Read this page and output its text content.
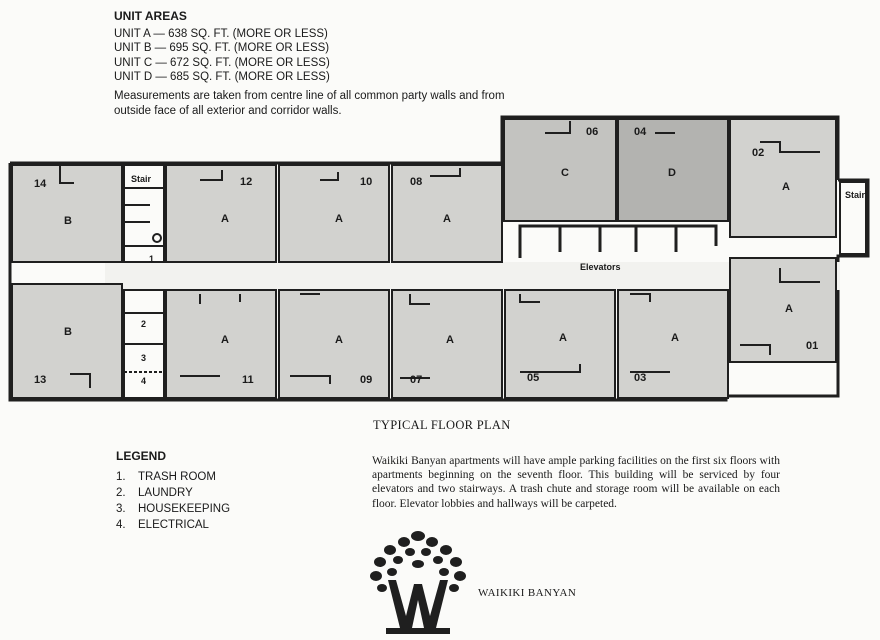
UNIT AREAS
UNIT A — 638 SQ. FT. (MORE OR LESS)
UNIT B — 695 SQ. FT. (MORE OR LESS)
UNIT C — 672 SQ. FT. (MORE OR LESS)
UNIT D — 685 SQ. FT. (MORE OR LESS)
Measurements are taken from centre line of all common party walls and from outside face of all exterior and corridor walls.
14	12	10	08
06	04
02
13	11	09	07	05	03
01
B	A	A	A
C	D
A
B
A	A	A	A	A
A
Stair
Stair
Elevators
1
2
3
4
TYPICAL FLOOR PLAN
LEGEND
1.	TRASH ROOM
2.	LAUNDRY
3.	HOUSEKEEPING
4.	ELECTRICAL
Waikiki Banyan apartments will have ample parking facilities on the first six floors with apartments beginning on the seventh floor. This building will be serviced by four elevators and two stairways. A trash chute and storage room will be available on each floor. Elevator lobbies and hallways will be carpeted.
WAIKIKI BANYAN
